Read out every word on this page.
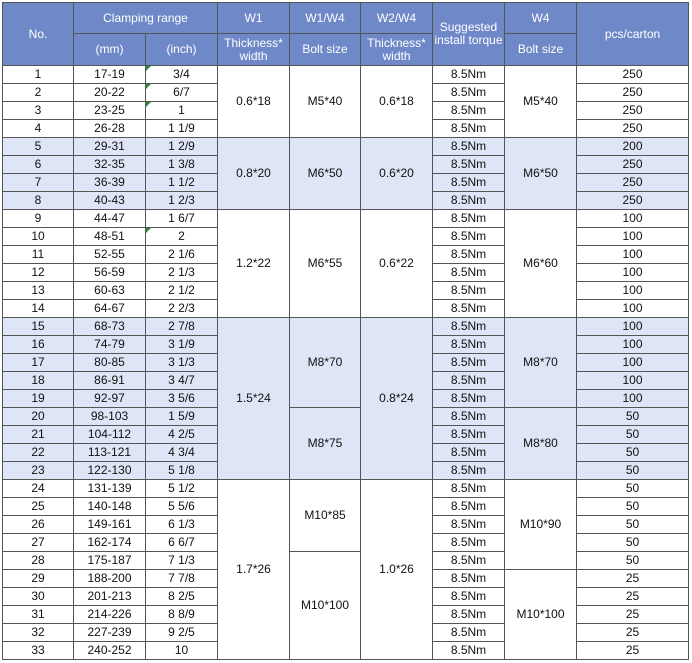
No.	Clamping range		W1	W1/W4	W2/W4	Suggested install torque	W4	pcs/carton
	(mm)	(inch)	Thickness* width	Bolt size	Thickness* width		Bolt size	
1	17-19	3/4	0.6*18	M5*40	0.6*18	8.5Nm	M5*40	250
2	20-22	6/7				8.5Nm		250
3	23-25	1				8.5Nm		250
4	26-28	1 1/9				8.5Nm		250
5	29-31	1 2/9	0.8*20	M6*50	0.6*20	8.5Nm	M6*50	200
6	32-35	1 3/8				8.5Nm		250
7	36-39	1 1/2				8.5Nm		250
8	40-43	1 2/3				8.5Nm		250
9	44-47	1 6/7	1.2*22	M6*55	0.6*22	8.5Nm	M6*60	100
10	48-51	2				8.5Nm		100
11	52-55	2 1/6				8.5Nm		100
12	56-59	2 1/3				8.5Nm		100
13	60-63	2 1/2				8.5Nm		100
14	64-67	2 2/3				8.5Nm		100
15	68-73	2 7/8	1.5*24	M8*70	0.8*24	8.5Nm	M8*70	100
16	74-79	3 1/9				8.5Nm		100
17	80-85	3 1/3				8.5Nm		100
18	86-91	3 4/7				8.5Nm		100
19	92-97	3 5/6				8.5Nm		100
20	98-103	1 5/9		M8*75		8.5Nm	M8*80	50
21	104-112	4 2/5				8.5Nm		50
22	113-121	4 3/4				8.5Nm		50
23	122-130	5 1/8				8.5Nm		50
24	131-139	5 1/2	1.7*26	M10*85	1.0*26	8.5Nm	M10*90	50
25	140-148	5 5/6				8.5Nm		50
26	149-161	6 1/3				8.5Nm		50
27	162-174	6 6/7				8.5Nm		50
28	175-187	7 1/3		M10*100		8.5Nm		50
29	188-200	7 7/8				8.5Nm	M10*100	25
30	201-213	8 2/5				8.5Nm		25
31	214-226	8 8/9				8.5Nm		25
32	227-239	9 2/5				8.5Nm		25
33	240-252	10				8.5Nm		25
